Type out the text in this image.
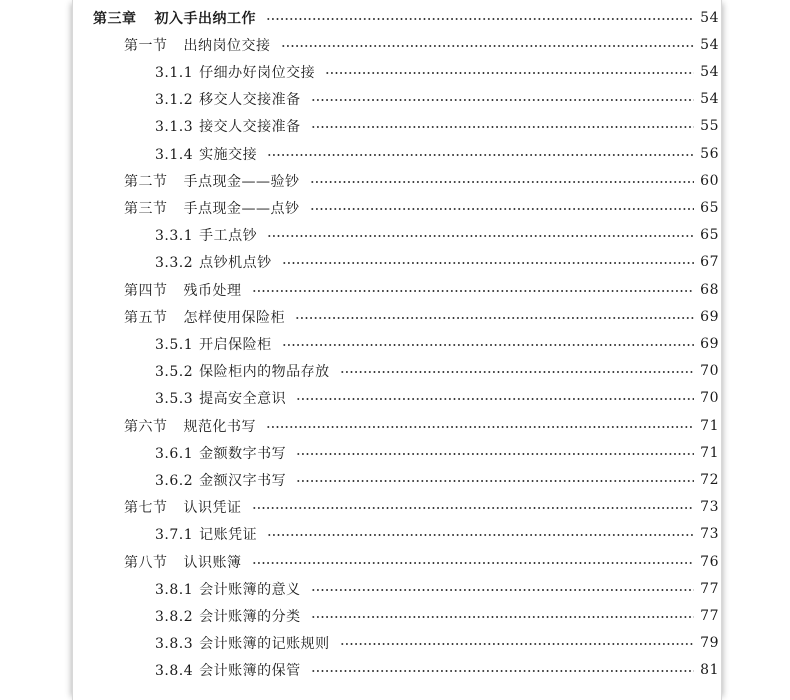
第三章 初入手出纳工作	54
第一节 出纳岗位交接	54
3.1.1 仔细办好岗位交接	54
3.1.2 移交人交接准备	54
3.1.3 接交人交接准备	55
3.1.4 实施交接	56
第二节 手点现金——验钞	60
第三节 手点现金——点钞	65
3.3.1 手工点钞	65
3.3.2 点钞机点钞	67
第四节 残币处理	68
第五节 怎样使用保险柜	69
3.5.1 开启保险柜	69
3.5.2 保险柜内的物品存放	70
3.5.3 提高安全意识	70
第六节 规范化书写	71
3.6.1 金额数字书写	71
3.6.2 金额汉字书写	72
第七节 认识凭证	73
3.7.1 记账凭证	73
第八节 认识账簿	76
3.8.1 会计账簿的意义	77
3.8.2 会计账簿的分类	77
3.8.3 会计账簿的记账规则	79
3.8.4 会计账簿的保管	81
